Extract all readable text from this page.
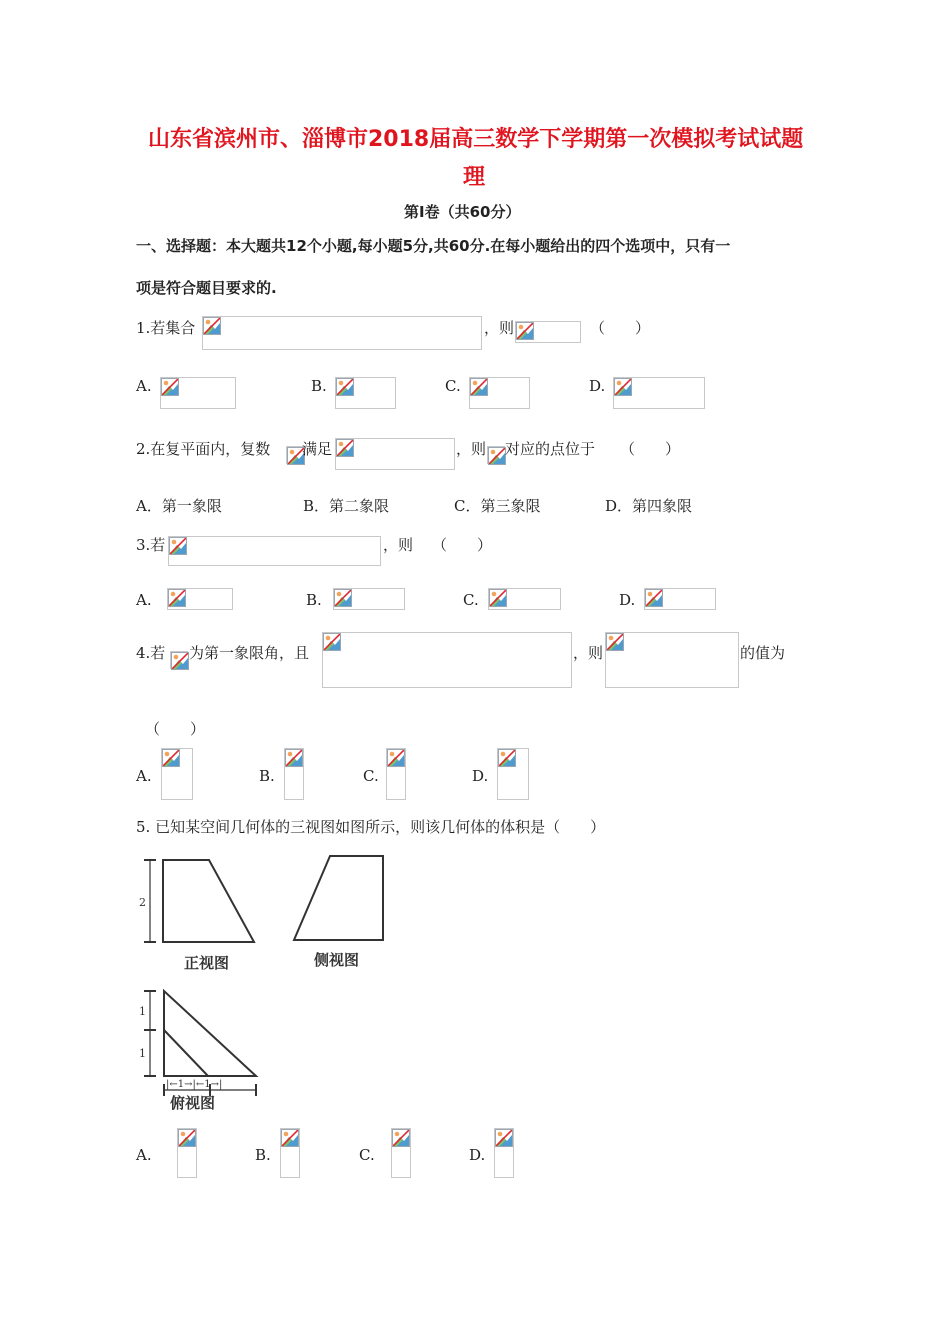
山东省滨州市、淄博市2018届高三数学下学期第一次模拟考试试题
理
第Ⅰ卷（共60分）
一、选择题：本大题共12个小题,每小题5分,共60分.在每小题给出的四个选项中，只有一
项是符合题目要求的.
1.若集合	，则	（　　）
A.	B.	C.	D.
2.在复平面内，复数 满足	，则 对应的点位于 （　　）
A．第一象限	B．第二象限	C．第三象限	D．第四象限
3.若	，则 （　　）
A.	B.	C.	D.
4.若 为第一象限角，且	，则	的值为
（　　）
A.	B.	C.	D.
5. 已知某空间几何体的三视图如图所示，则该几何体的体积是（　　）
2
1
1
|←1→|←1→|
正视图	侧视图
俯视图
A.	B.	C.	D.
